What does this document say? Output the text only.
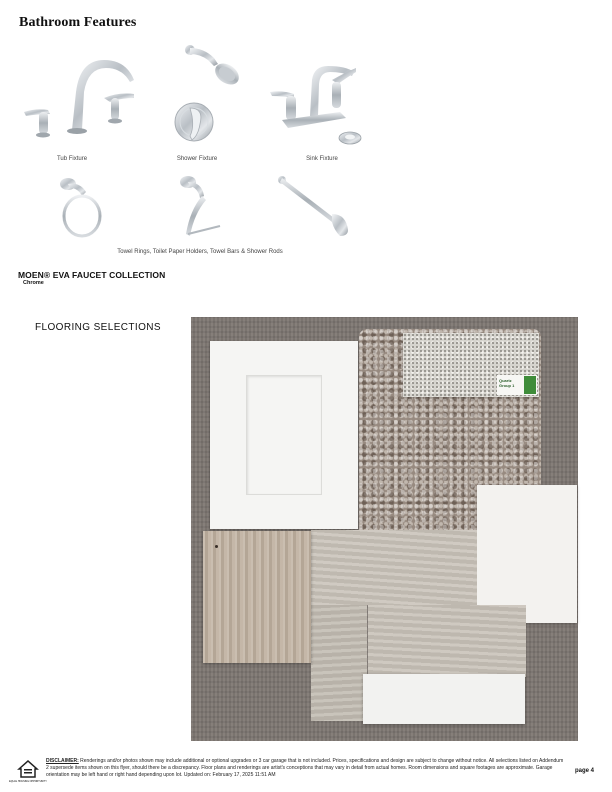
Bathroom Features
Tub Fixture	Shower Fixture	Sink Fixture
Towel Rings, Toilet Paper Holders, Towel Bars & Shower Rods
MOEN® EVA FAUCET COLLECTION
Chrome
FLOORING SELECTIONS
Quartz Group 1
EQUAL HOUSING OPPORTUNITY
DISCLAIMER: Renderings and/or photos shown may include additional or optional upgrades or 3 car garage that is not included. Prices, specifications and design are subject to change without notice. All selections listed on Addendum 2 supersede items shown on this flyer, should there be a discrepancy. Floor plans and renderings are artist's conceptions that may vary in detail from actual homes. Room dimensions and square footages are approximate. Garage orientation may be left hand or right hand depending upon lot. Updated on: February 17, 2025 11:51 AM
page 4
